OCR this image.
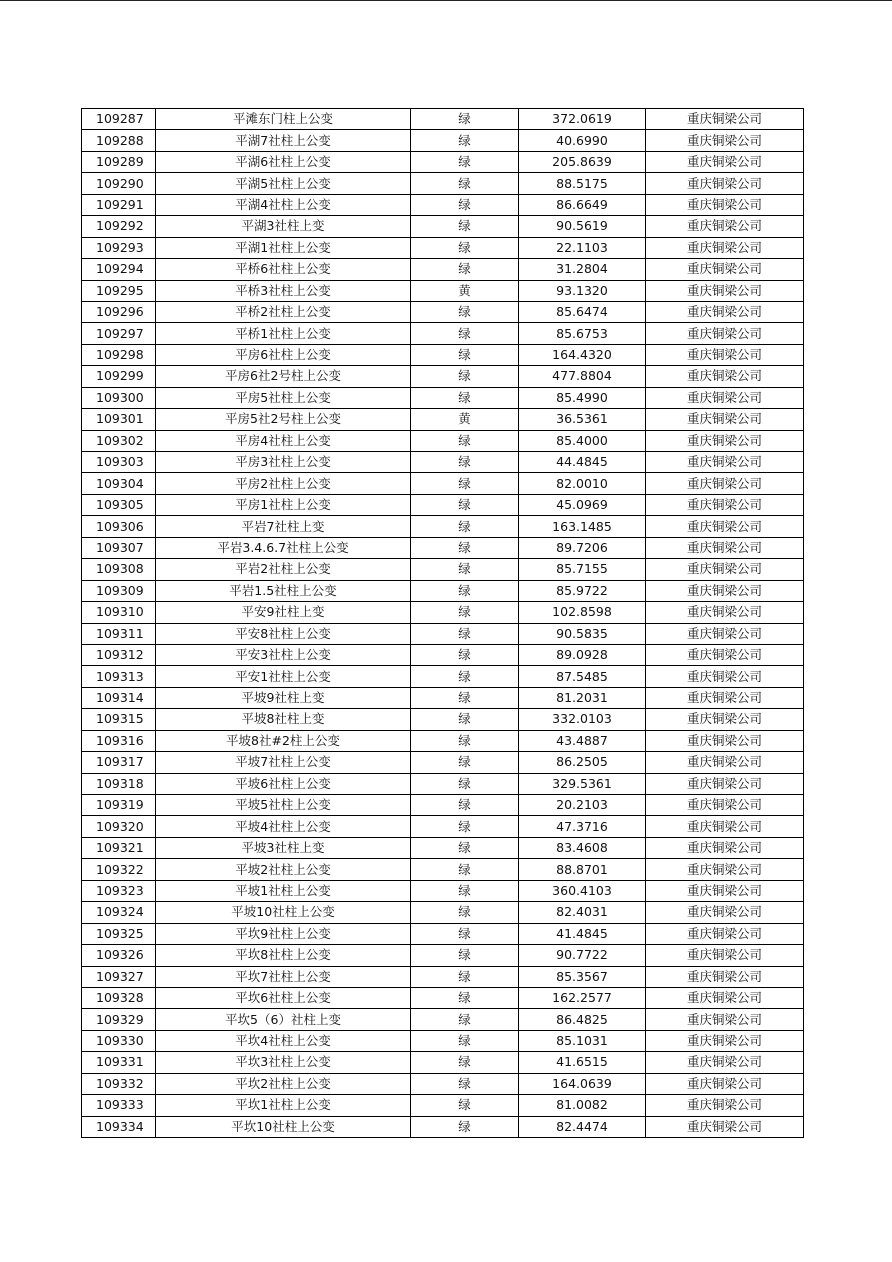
109287	平滩东门柱上公变	绿	372.0619	重庆铜梁公司
109288	平湖7社柱上公变	绿	40.6990	重庆铜梁公司
109289	平湖6社柱上公变	绿	205.8639	重庆铜梁公司
109290	平湖5社柱上公变	绿	88.5175	重庆铜梁公司
109291	平湖4社柱上公变	绿	86.6649	重庆铜梁公司
109292	平湖3社柱上变	绿	90.5619	重庆铜梁公司
109293	平湖1社柱上公变	绿	22.1103	重庆铜梁公司
109294	平桥6社柱上公变	绿	31.2804	重庆铜梁公司
109295	平桥3社柱上公变	黄	93.1320	重庆铜梁公司
109296	平桥2社柱上公变	绿	85.6474	重庆铜梁公司
109297	平桥1社柱上公变	绿	85.6753	重庆铜梁公司
109298	平房6社柱上公变	绿	164.4320	重庆铜梁公司
109299	平房6社2号柱上公变	绿	477.8804	重庆铜梁公司
109300	平房5社柱上公变	绿	85.4990	重庆铜梁公司
109301	平房5社2号柱上公变	黄	36.5361	重庆铜梁公司
109302	平房4社柱上公变	绿	85.4000	重庆铜梁公司
109303	平房3社柱上公变	绿	44.4845	重庆铜梁公司
109304	平房2社柱上公变	绿	82.0010	重庆铜梁公司
109305	平房1社柱上公变	绿	45.0969	重庆铜梁公司
109306	平岩7社柱上变	绿	163.1485	重庆铜梁公司
109307	平岩3.4.6.7社柱上公变	绿	89.7206	重庆铜梁公司
109308	平岩2社柱上公变	绿	85.7155	重庆铜梁公司
109309	平岩1.5社柱上公变	绿	85.9722	重庆铜梁公司
109310	平安9社柱上变	绿	102.8598	重庆铜梁公司
109311	平安8社柱上公变	绿	90.5835	重庆铜梁公司
109312	平安3社柱上公变	绿	89.0928	重庆铜梁公司
109313	平安1社柱上公变	绿	87.5485	重庆铜梁公司
109314	平坡9社柱上变	绿	81.2031	重庆铜梁公司
109315	平坡8社柱上变	绿	332.0103	重庆铜梁公司
109316	平坡8社#2柱上公变	绿	43.4887	重庆铜梁公司
109317	平坡7社柱上公变	绿	86.2505	重庆铜梁公司
109318	平坡6社柱上公变	绿	329.5361	重庆铜梁公司
109319	平坡5社柱上公变	绿	20.2103	重庆铜梁公司
109320	平坡4社柱上公变	绿	47.3716	重庆铜梁公司
109321	平坡3社柱上变	绿	83.4608	重庆铜梁公司
109322	平坡2社柱上公变	绿	88.8701	重庆铜梁公司
109323	平坡1社柱上公变	绿	360.4103	重庆铜梁公司
109324	平坡10社柱上公变	绿	82.4031	重庆铜梁公司
109325	平坎9社柱上公变	绿	41.4845	重庆铜梁公司
109326	平坎8社柱上公变	绿	90.7722	重庆铜梁公司
109327	平坎7社柱上公变	绿	85.3567	重庆铜梁公司
109328	平坎6社柱上公变	绿	162.2577	重庆铜梁公司
109329	平坎5（6）社柱上变	绿	86.4825	重庆铜梁公司
109330	平坎4社柱上公变	绿	85.1031	重庆铜梁公司
109331	平坎3社柱上公变	绿	41.6515	重庆铜梁公司
109332	平坎2社柱上公变	绿	164.0639	重庆铜梁公司
109333	平坎1社柱上公变	绿	81.0082	重庆铜梁公司
109334	平坎10社柱上公变	绿	82.4474	重庆铜梁公司
